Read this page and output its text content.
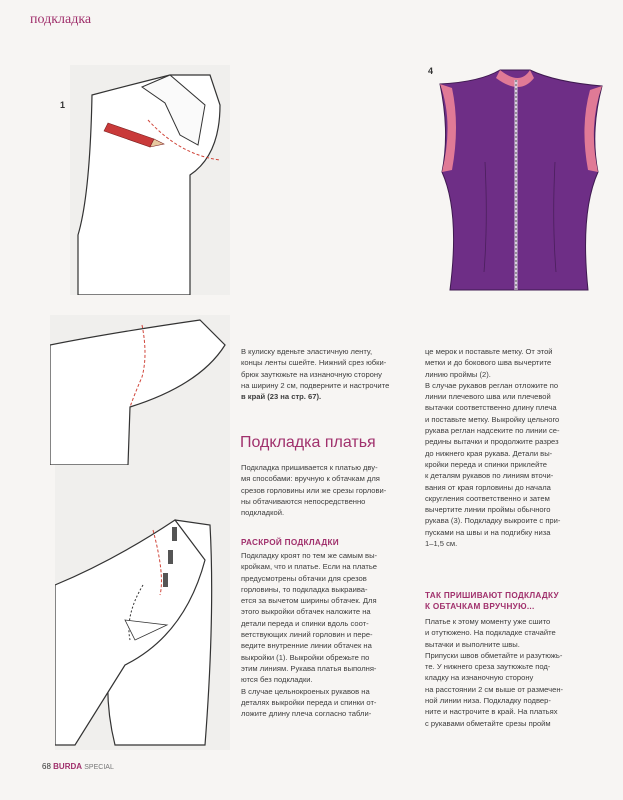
подкладка
1
4

В кулиску вденьте эластичную ленту,

концы ленты сшейте. Нижний срез юбки-

брюк заутюжьте на изнаночную сторону

на ширину 2 см, подверните и настрочите

в край (23 на стр. 67).

Подкладка платья

Подкладка пришивается к платью дву-

мя способами: вручную к обтачкам для

срезов горловины или же срезы горлови-

ны обтачиваются непосредственно

подкладкой.

РАСКРОЙ ПОДКЛАДКИ

Подкладку кроят по тем же самым вы-

кройкам, что и платье. Если на платье

предусмотрены обтачки для срезов

горловины, то подкладка выкраива-

ется за вычетом ширины обтачек. Для

этого выкройки обтачек наложите на

детали переда и спинки вдоль соот-

ветствующих линий горловин и пере-

ведите внутренние линии обтачек на

выкройки (1). Выкройки обрежьте по

этим линиям. Рукава платья выполня-

ются без подкладки.

В случае цельнокроеных рукавов на

деталях выкройки переда и спинки от-

ложите длину плеча согласно табли-

це мерок и поставьте метку. От этой

метки и до бокового шва вычертите

линию проймы (2).

В случае рукавов реглан отложите по

линии плечевого шва или плечевой

вытачки соответственно длину плеча

и поставьте метку. Выкройку цельного

рукава реглан надсеките по линии се-

редины вытачки и продолжите разрез

до нижнего края рукава. Детали вы-

кройки переда и спинки приклейте

к деталям рукавов по линиям вточи-

вания от края горловины до начала

скругления соответственно и затем

вычертите линии проймы обычного

рукава (3). Подкладку выкроите с при-

пусками на швы и на подгибку низа

1–1,5 см.

ТАК ПРИШИВАЮТ ПОДКЛАДКУ

К ОБТАЧКАМ ВРУЧНУЮ...

Платье к этому моменту уже сшито

и отутюжено. На подкладке стачайте

вытачки и выполните швы.

Припуски швов обметайте и разутюжь-

те. У нижнего среза заутюжьте под-

кладку на изнаночную сторону

на расстоянии 2 см выше от размечен-

ной линии низа. Подкладку подвер-

ните и настрочите в край. На платьях

с рукавами обметайте срезы пройм

68 BURDA SPECIAL
